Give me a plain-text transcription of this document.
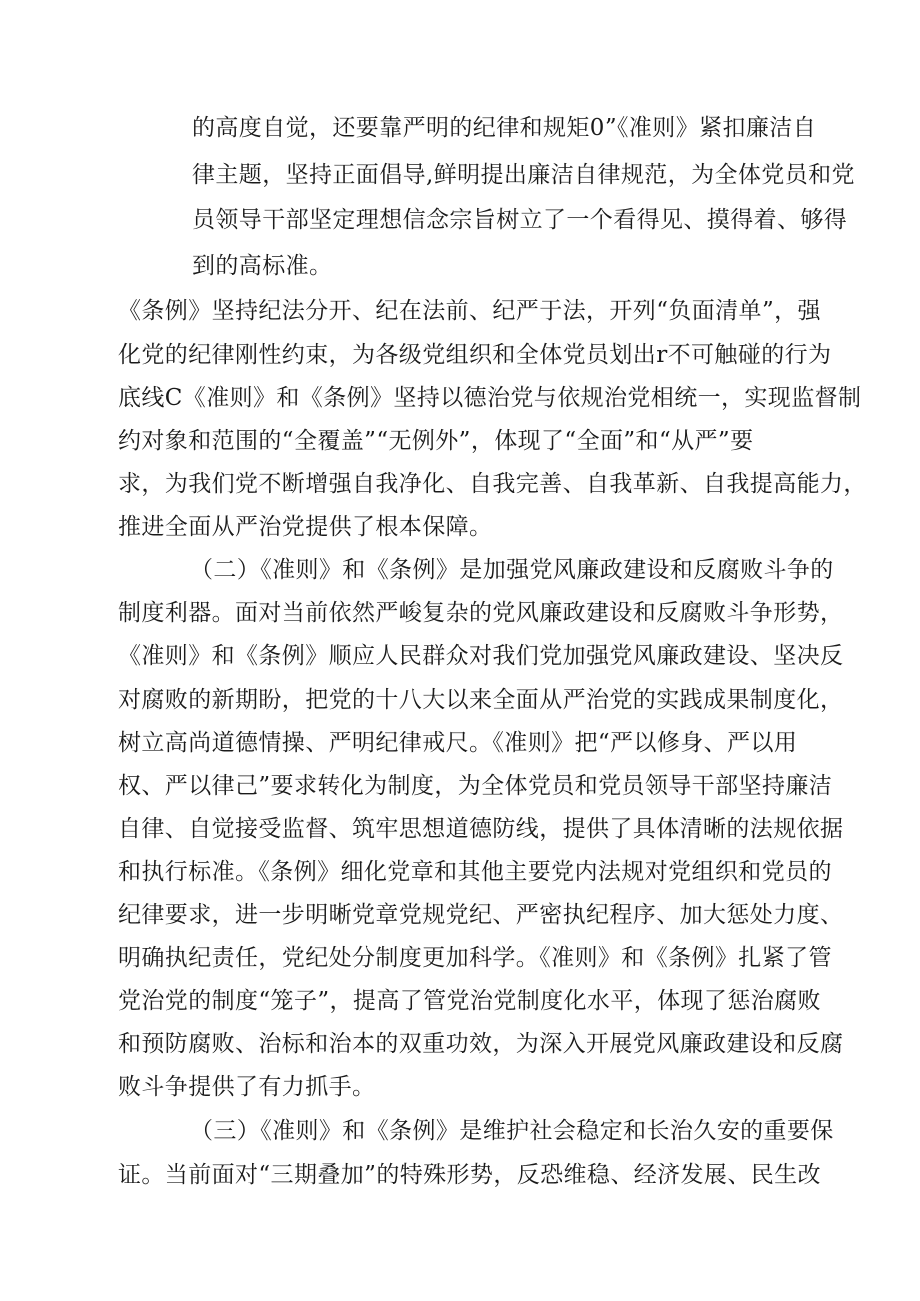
的高度自觉，还要靠严明的纪律和规矩0”《准则》紧扣廉洁自

律主题，坚持正面倡导,鲜明提出廉洁自律规范，为全体党员和党

员领导干部坚定理想信念宗旨树立了一个看得见、摸得着、够得

到的高标准。

《条例》坚持纪法分开、纪在法前、纪严于法，开列“负面清单”，强

化党的纪律刚性约束，为各级党组织和全体党员划出r不可触碰的行为

底线C《准则》和《条例》坚持以德治党与依规治党相统一，实现监督制

约对象和范围的“全覆盖”“无例外”，体现了“全面”和“从严”要

求，为我们党不断增强自我净化、自我完善、自我革新、自我提高能力，

推进全面从严治党提供了根本保障。

（二）《准则》和《条例》是加强党风廉政建设和反腐败斗争的

制度利器。面对当前依然严峻复杂的党风廉政建设和反腐败斗争形势，

《准则》和《条例》顺应人民群众对我们党加强党风廉政建设、坚决反

对腐败的新期盼，把党的十八大以来全面从严治党的实践成果制度化，

树立高尚道德情操、严明纪律戒尺。《准则》把“严以修身、严以用

权、严以律己”要求转化为制度，为全体党员和党员领导干部坚持廉洁

自律、自觉接受监督、筑牢思想道德防线，提供了具体清晰的法规依据

和执行标准。《条例》细化党章和其他主要党内法规对党组织和党员的

纪律要求，进一步明晰党章党规党纪、严密执纪程序、加大惩处力度、

明确执纪责任，党纪处分制度更加科学。《准则》和《条例》扎紧了管

党治党的制度“笼子”，提高了管党治党制度化水平，体现了惩治腐败

和预防腐败、治标和治本的双重功效，为深入开展党风廉政建设和反腐

败斗争提供了有力抓手。

（三）《准则》和《条例》是维护社会稳定和长治久安的重要保

证。当前面对“三期叠加”的特殊形势，反恐维稳、经济发展、民生改
